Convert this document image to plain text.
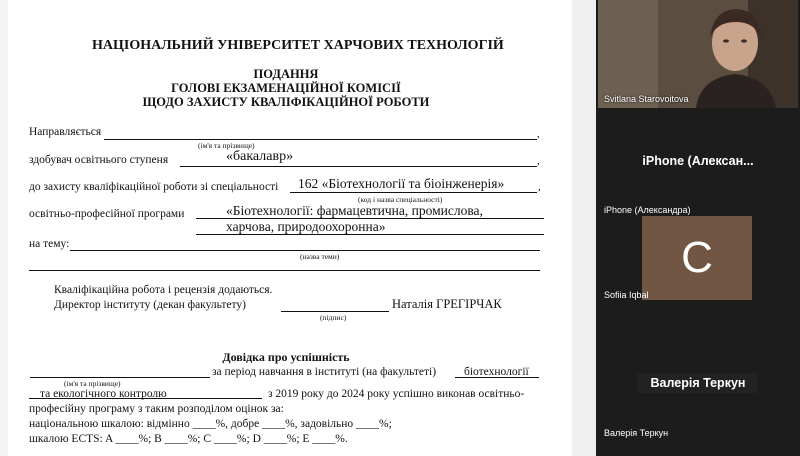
НАЦІОНАЛЬНИЙ УНІВЕРСИТЕТ ХАРЧОВИХ ТЕХНОЛОГІЙ
ПОДАННЯ
ГОЛОВІ ЕКЗАМЕНАЦІЙНОЇ КОМІСІЇ
ЩОДО ЗАХИСТУ КВАЛІФІКАЦІЙНОЇ РОБОТИ
Направляється	,
(ім'я та прізвище)
здобувач освітнього ступеня	«бакалавр»	,
до захисту кваліфікаційної роботи зі спеціальності 162 «Біотехнології та біоінженерія»	,
(код і назва спеціальності)
освітньо-професійної програми	«Біотехнології: фармацевтична, промислова,
харчова, природоохоронна»
на тему:
(назва теми)
Кваліфікаційна робота і рецензія додаються.
Директор інституту (декан факультету)	Наталія ГРЕГІРЧАК
(підпис)
Довідка про успішність
за період навчання в інституті (на факультеті) біотехнології
(ім'я та прізвище)
та екологічного контролю	з 2019 року до 2024 року успішно виконав освітньо-
професійну програму з таким розподілом оцінок за:
національною шкалою: відмінно ____%, добре ____%, задовільно ____%;
шкалою ECTS: A ____%; B ____%; C ____%; D ____%; E ____%.
Svitlana Starovoitova
iPhone (Алексан...
iPhone (Александра)
С
Sofiia Iqbal
Валерія Теркун
Валерія Теркун
